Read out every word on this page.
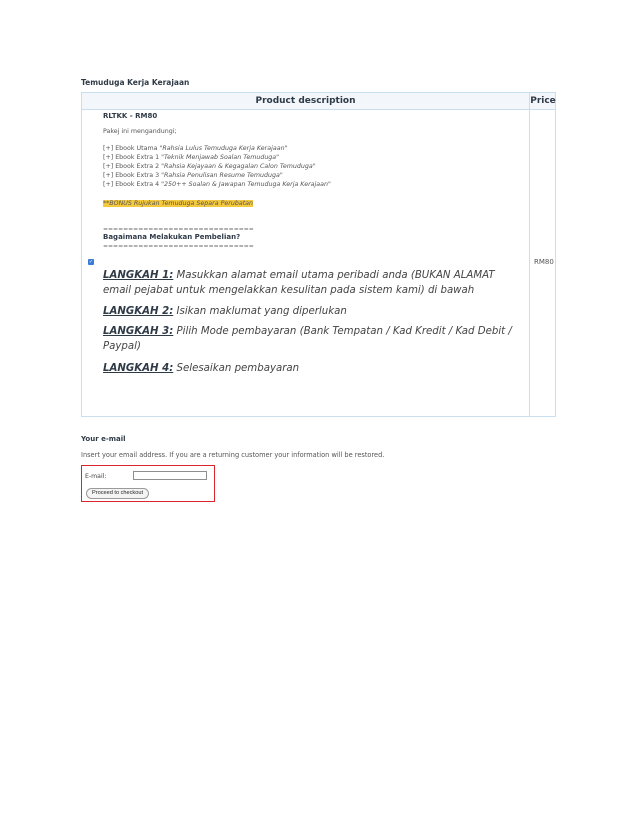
Temuduga Kerja Kerajaan
Product description	Price
✓
RLTKK - RM80
Pakej ini mengandungi;
[+] Ebook Utama "Rahsia Lulus Temuduga Kerja Kerajaan"
[+] Ebook Extra 1 "Teknik Menjawab Soalan Temuduga"
[+] Ebook Extra 2 "Rahsia Kejayaan & Kegagalan Calon Temuduga"
[+] Ebook Extra 3 "Rahsia Penulisan Resume Temuduga"
[+] Ebook Extra 4 "250++ Soalan & Jawapan Temuduga Kerja Kerajaan"
**BONUS Rujukan Temuduga Separa Perubatan
==============================
Bagaimana Melakukan Pembelian?
==============================
LANGKAH 1: Masukkan alamat email utama peribadi anda (BUKAN ALAMAT email pejabat untuk mengelakkan kesulitan pada sistem kami) di bawah
LANGKAH 2: Isikan maklumat yang diperlukan
LANGKAH 3: Pilih Mode pembayaran (Bank Tempatan / Kad Kredit / Kad Debit / Paypal)
LANGKAH 4: Selesaikan pembayaran
RM80
Your e-mail
Insert your email address. If you are a returning customer your information will be restored.
E-mail:
Proceed to checkout
